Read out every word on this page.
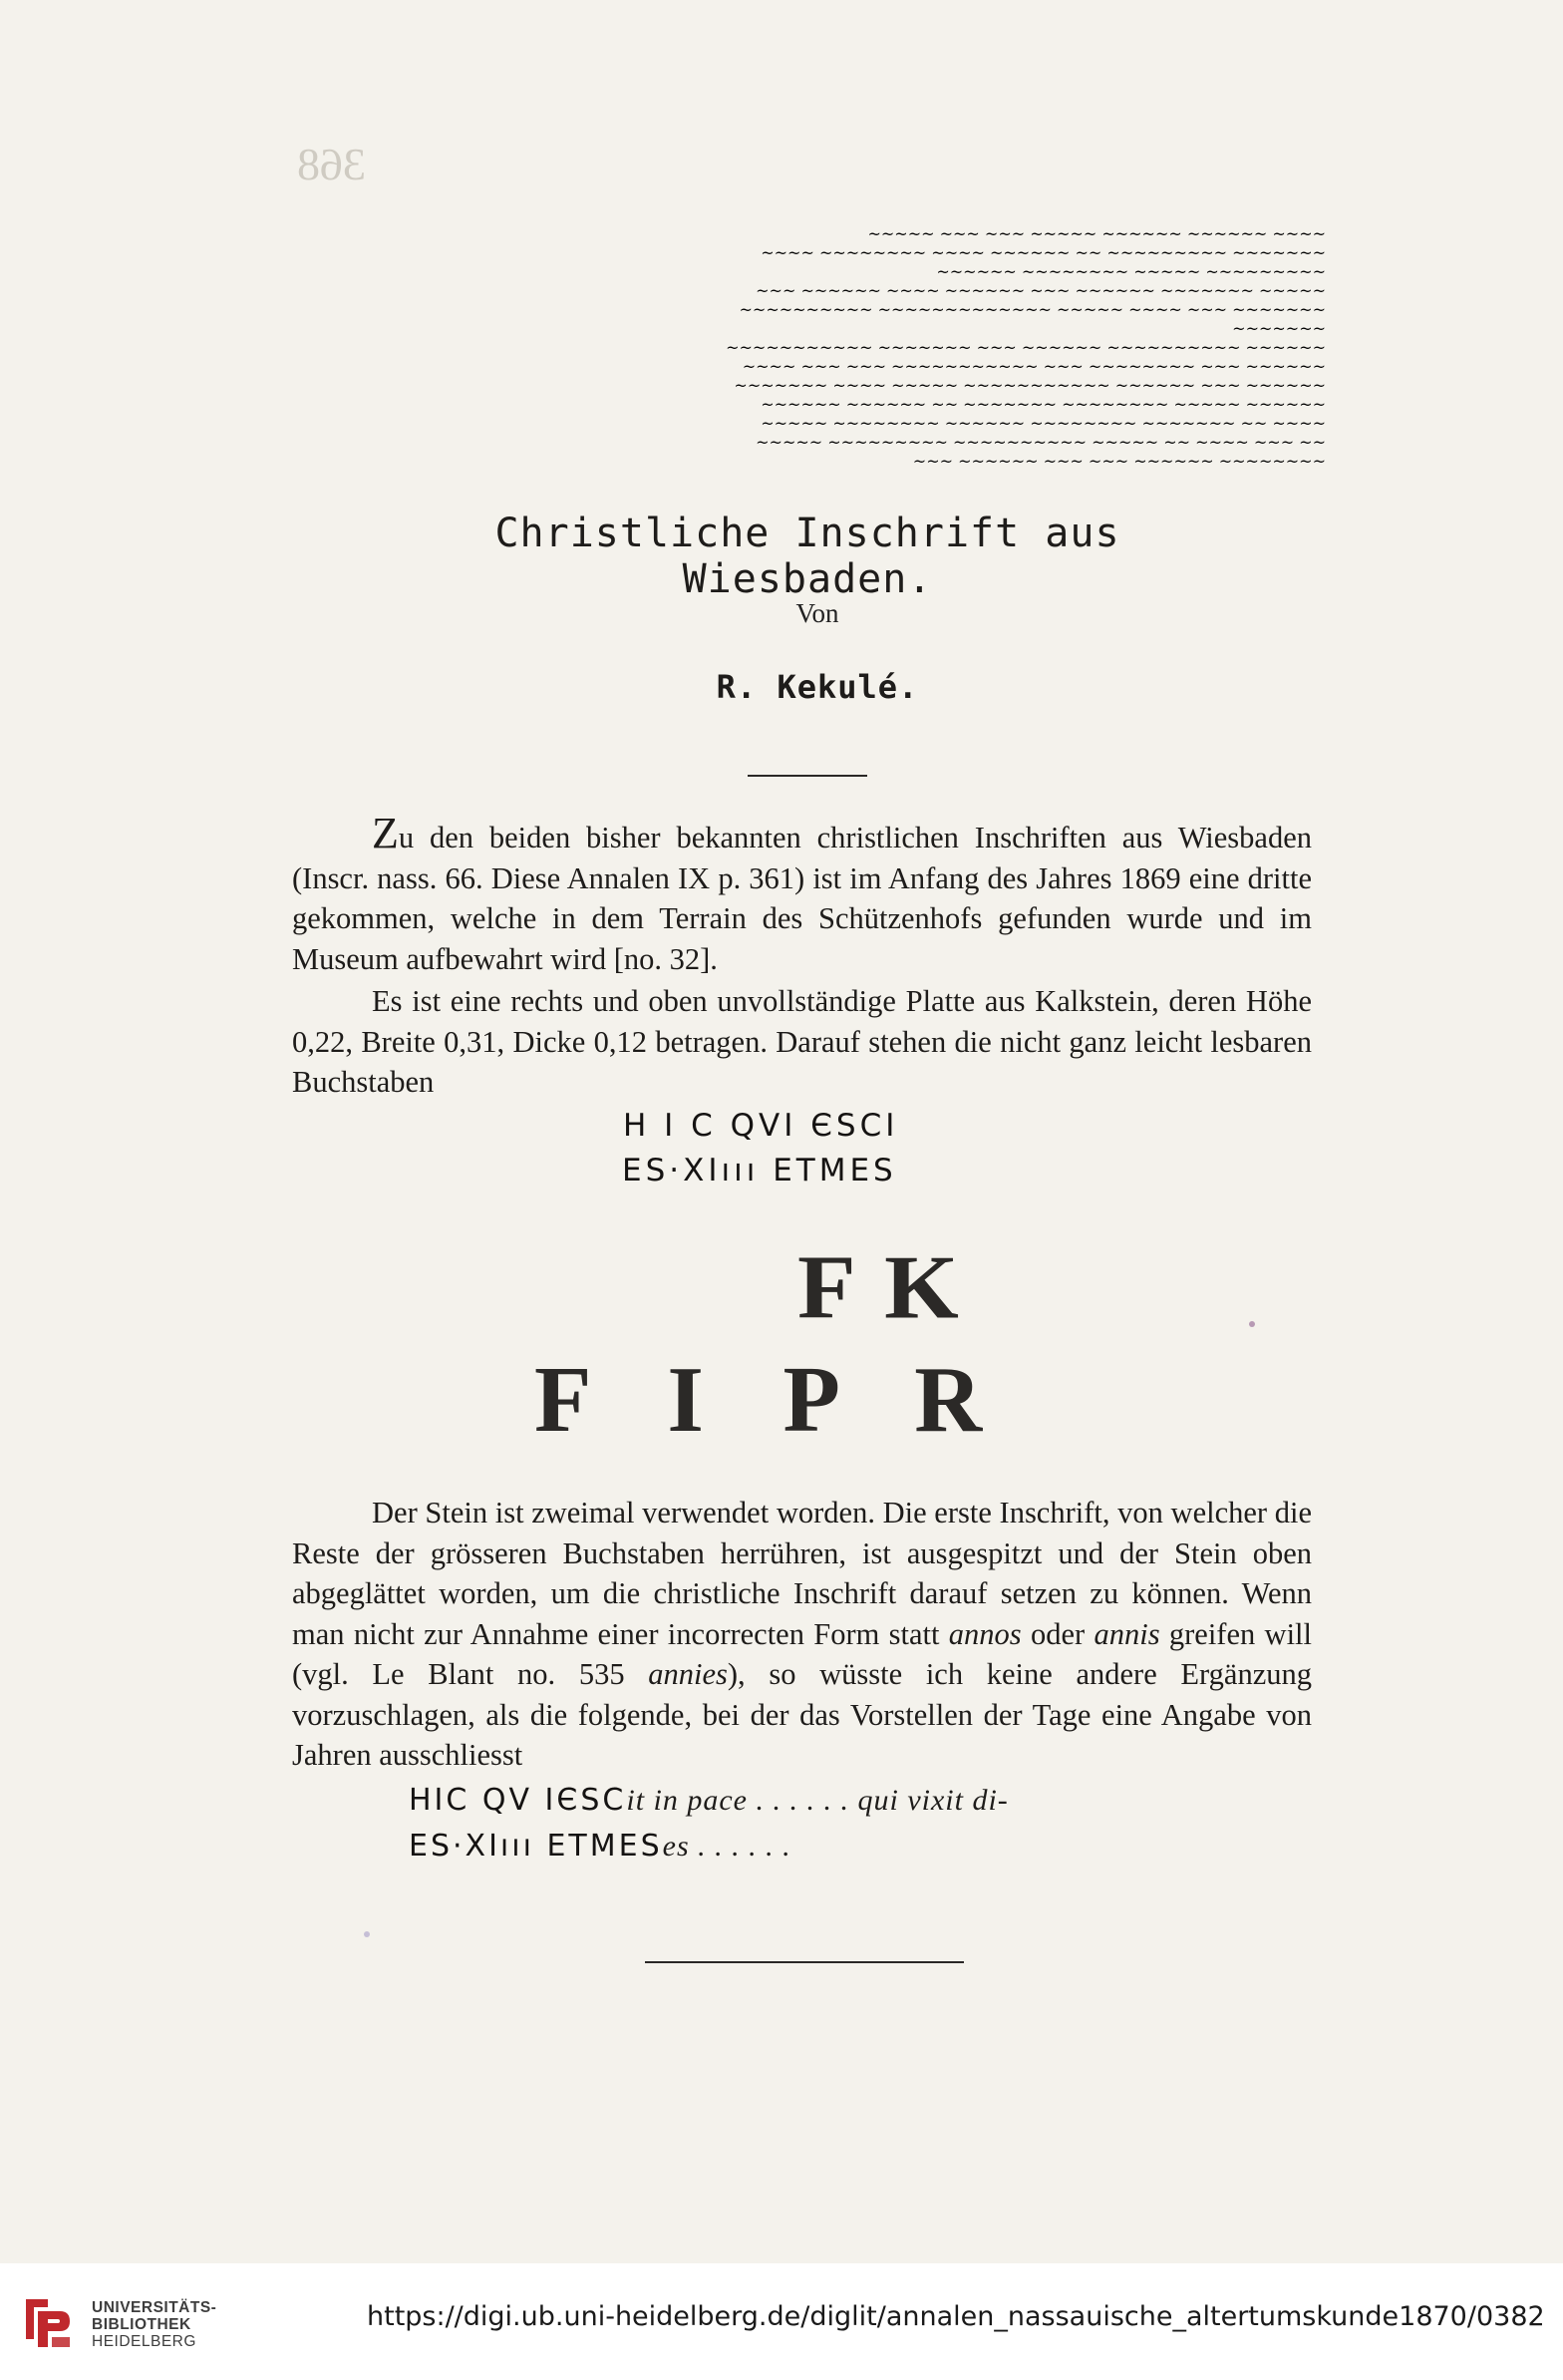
368
~~~~~ ~~~ ~~~ ~~~~~ ~~~~~~ ~~~~~~ ~~~~
~~~~ ~~~~~~~~ ~~~~ ~~~~~~ ~~ ~~~~~~~~~ ~~~~~~~
~~~~~~ ~~~~~~~~ ~~~~~ ~~~~~~~~~
~~~ ~~~~~~ ~~~~ ~~~~~~ ~~~ ~~~~~~ ~~~~~~~ ~~~~~
~~~~~~~~~~ ~~~~~~~~~~~~~ ~~~~~ ~~~~ ~~~ ~~~~~~~
~~~~~~~
~~~~~~~~~~~ ~~~~~~~ ~~~ ~~~~~~ ~~~~~~~~~~ ~~~~~~
~~~~ ~~~ ~~~ ~~~~~~~~~~~ ~~~ ~~~~~~~~ ~~~ ~~~~~~
~~~~~~~ ~~~~ ~~~~~ ~~~~~~~~~~~ ~~~~~~ ~~~ ~~~~~~
~~~~~~ ~~~~~~ ~~ ~~~~~~~ ~~~~~~~~ ~~~~~ ~~~~~~
~~~~~ ~~~~~~~~ ~~~~~~ ~~~~~~~~ ~~~~~~~ ~~ ~~~~
~~~~~ ~~~~~~~~~ ~~~~~~~~~~ ~~~~~ ~~ ~~~~ ~~~ ~~
~~~ ~~~~~~ ~~~ ~~~ ~~~~~~ ~~~~~~~~
Christliche Inschrift aus Wiesbaden.
Von
R. Kekulé.

Zu den beiden bisher bekannten christlichen Inschriften aus Wiesbaden (Inscr. nass. 66. Diese Annalen IX p. 361) ist im Anfang des Jahres 1869 eine dritte gekommen, welche in dem Terrain des Schützenhofs gefunden wurde und im Museum aufbewahrt wird [no. 32].

Es ist eine rechts und oben unvollständige Platte aus Kalkstein, deren Höhe 0,22, Breite 0,31, Dicke 0,12 betragen. Darauf stehen die nicht ganz leicht lesbaren Buchstaben

H I C QVI ЄSCI
ES·XIııı ETMES
F K
F I P R

Der Stein ist zweimal verwendet worden. Die erste Inschrift, von welcher die Reste der grösseren Buchstaben herrühren, ist ausgespitzt und der Stein oben abgeglättet worden, um die christliche Inschrift darauf setzen zu können. Wenn man nicht zur Annahme einer incorrecten Form statt annos oder annis greifen will (vgl. Le Blant no. 535 annies), so wüsste ich keine andere Ergänzung vorzuschlagen, als die folgende, bei der das Vorstellen der Tage eine Angabe von Jahren ausschliesst

HIC QV IЄSCit in pace . . . . . . qui vixit di-
ES·XIııı ETMESes . . . . . .
UNIVERSITÄTS-
BIBLIOTHEK
HEIDELBERG
https://digi.ub.uni-heidelberg.de/diglit/annalen_nassauische_altertumskunde1870/0382
